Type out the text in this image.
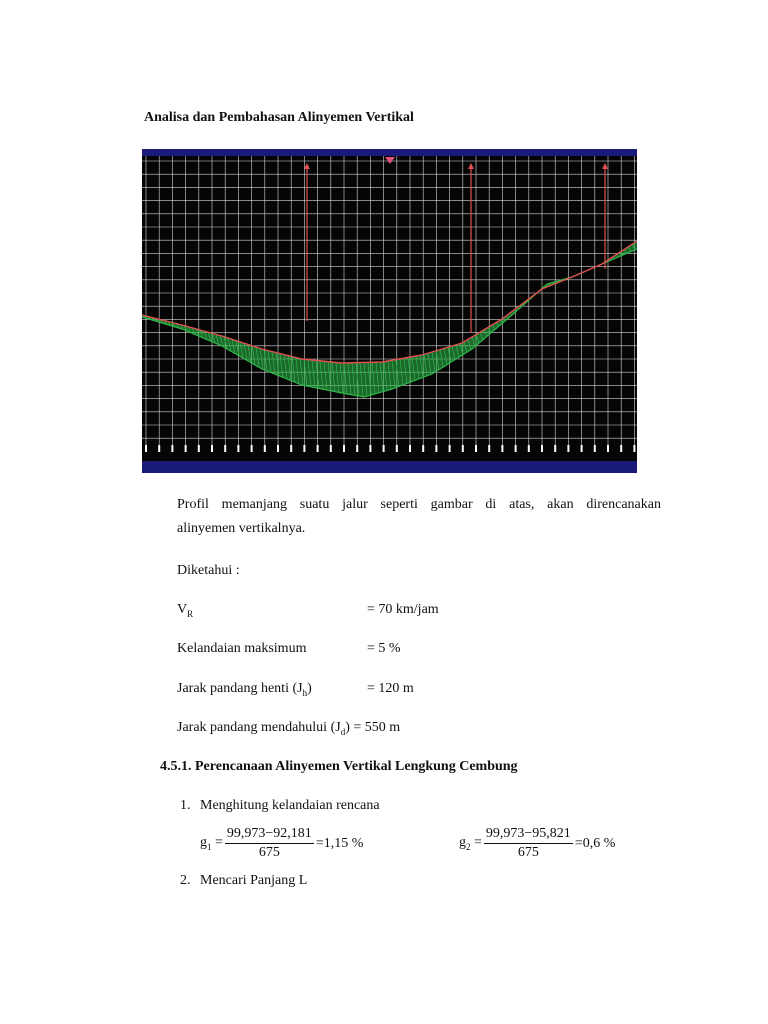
Analisa dan Pembahasan Alinyemen Vertikal
Profil memanjang suatu jalur seperti gambar di atas, akan direncanakan
alinyemen vertikalnya.
Diketahui :
$V_R$	= 70 km/jam
Kelandaian maksimum	= 5 %
Jarak pandang henti $(J_h)$	= 120 m
Jarak pandang mendahului $(J_d) = 550$ m
4.5.1. Perencanaan Alinyemen Vertikal Lengkung Cembung
1. Menghitung kelandaian rencana
$g_1 = \frac{99,973-92,181}{675} =1,15$ %	$g_2 = \frac{99,973-95,821}{675} =0,6$ %
2. Mencari Panjang L
